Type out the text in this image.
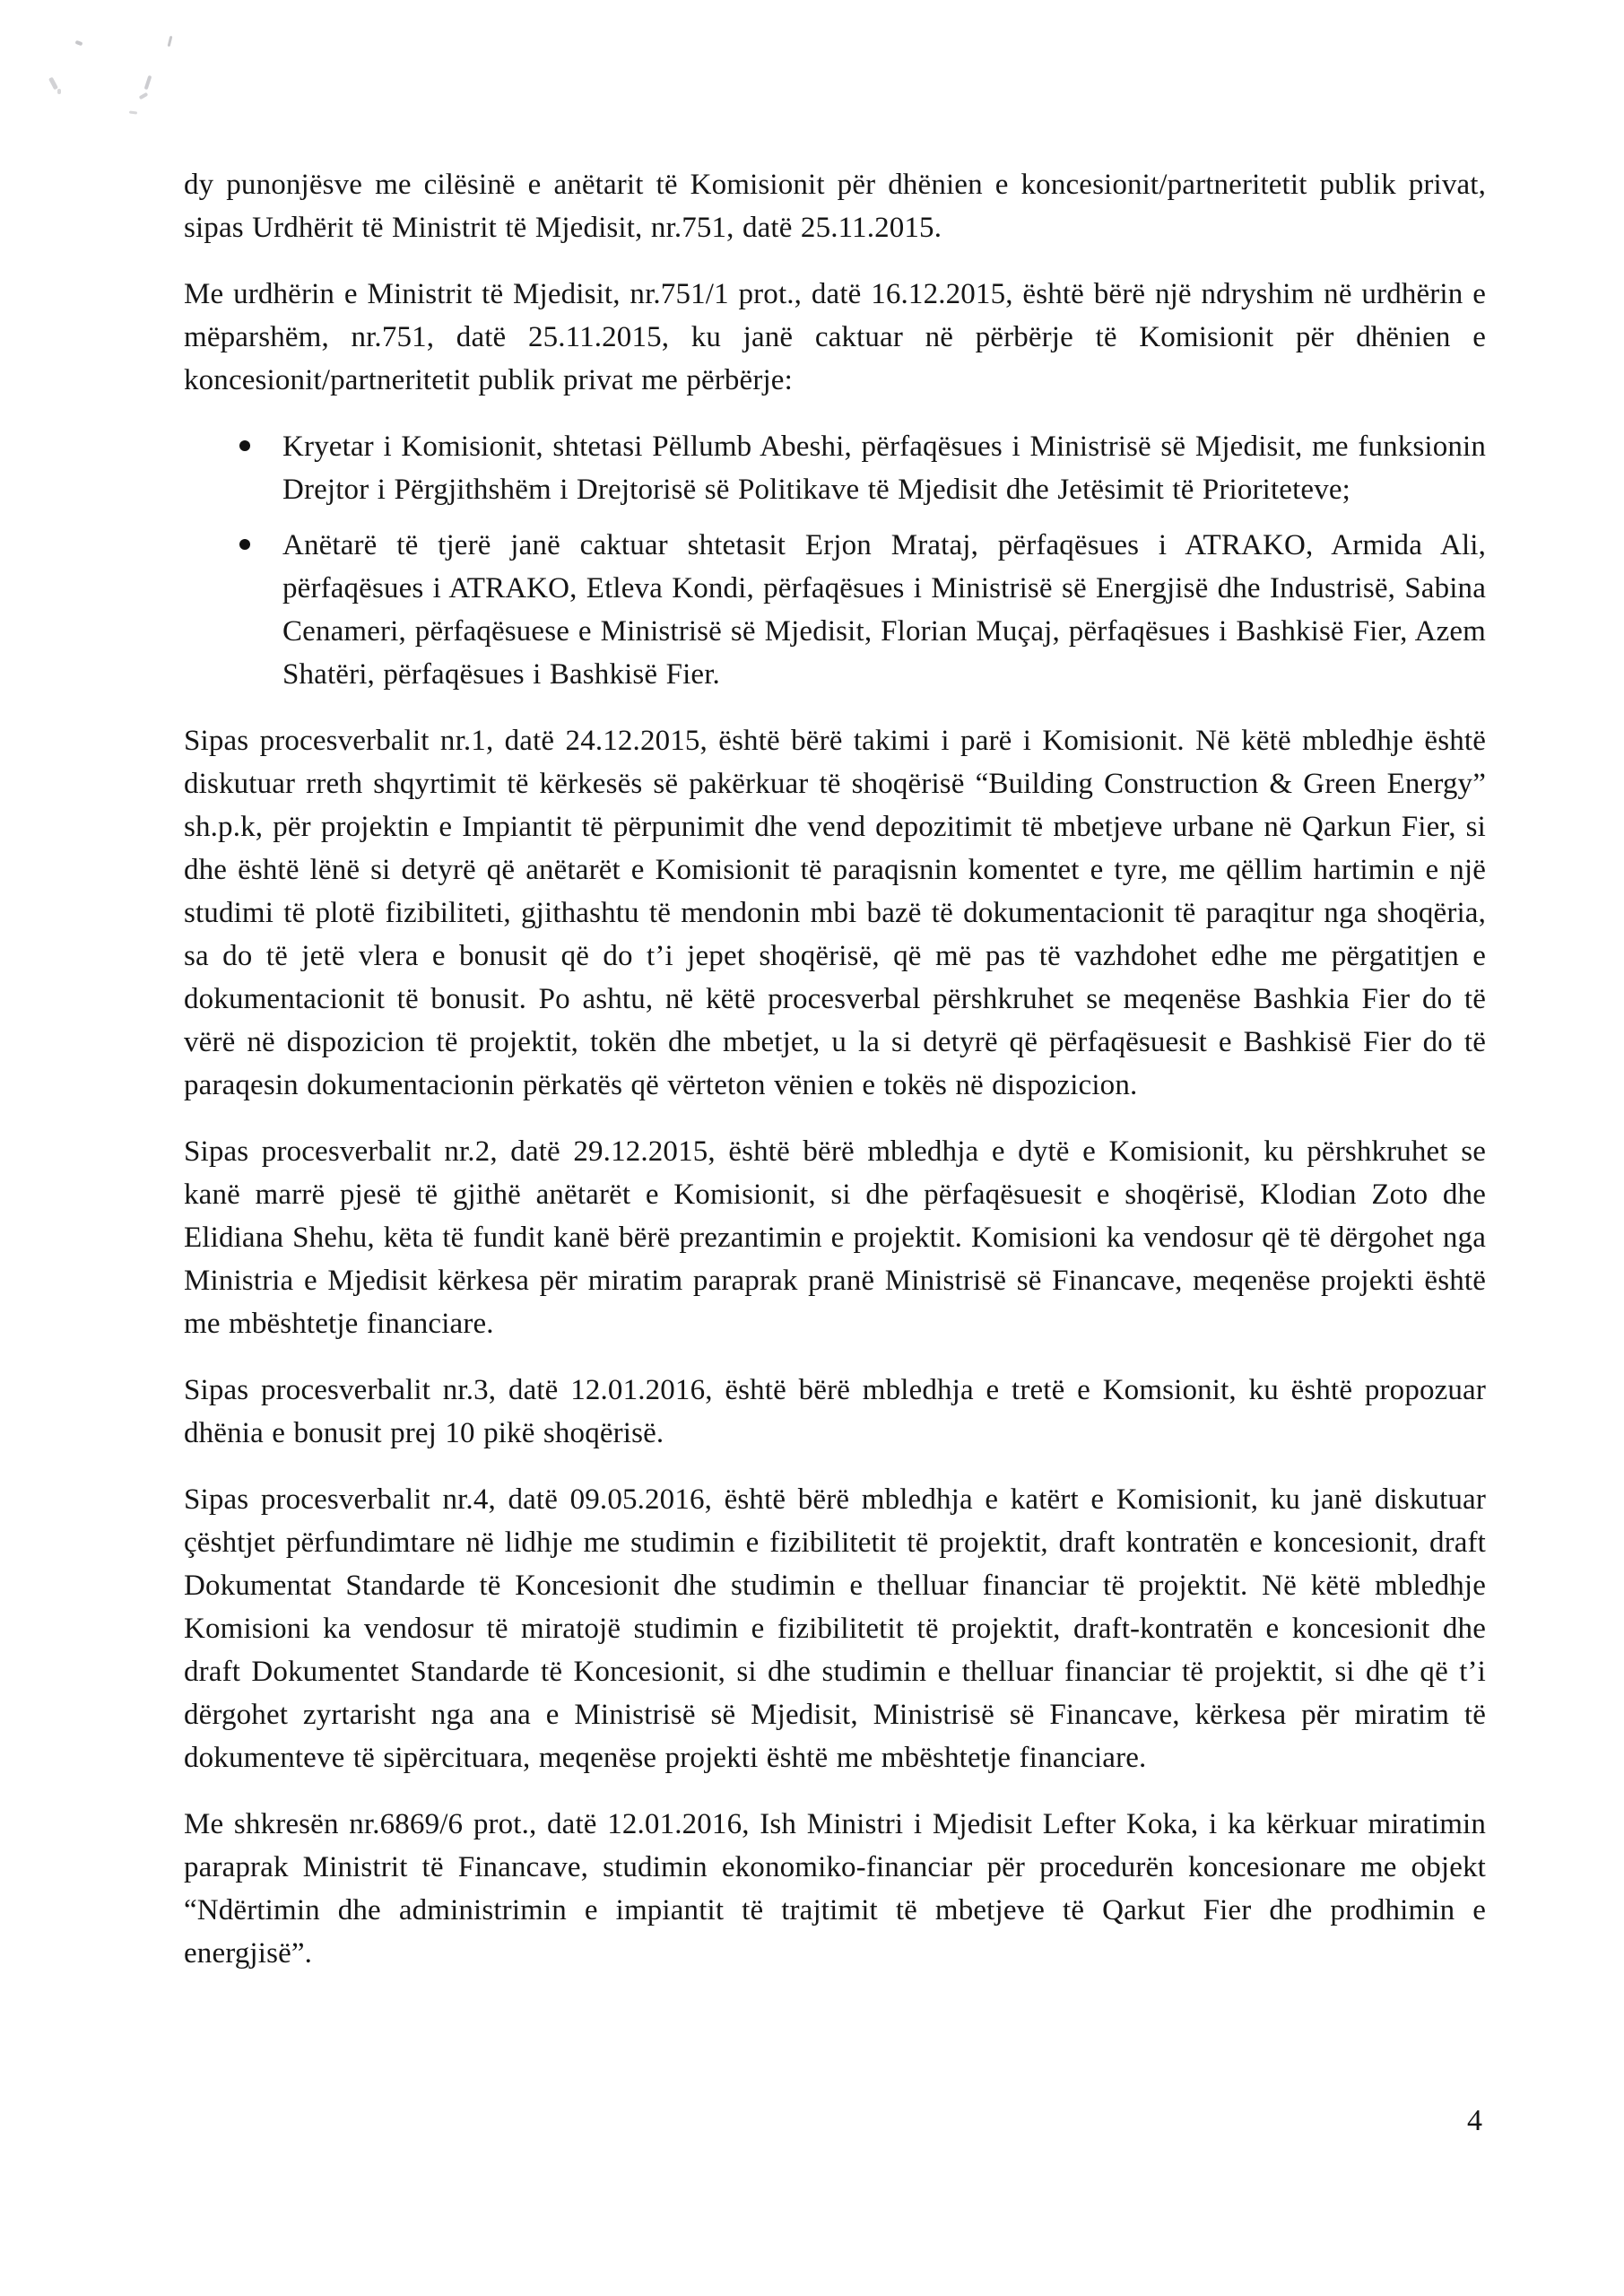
dy punonjësve me cilësinë e anëtarit të Komisionit për dhënien e koncesionit/partneritetit publik privat, sipas Urdhërit të Ministrit të Mjedisit, nr.751, datë 25.11.2015.

Me urdhërin e Ministrit të Mjedisit, nr.751/1 prot., datë 16.12.2015, është bërë një ndryshim në urdhërin e mëparshëm, nr.751, datë 25.11.2015, ku janë caktuar në përbërje të Komisionit për dhënien e koncesionit/partneritetit publik privat me përbërje:

Kryetar i Komisionit, shtetasi Pëllumb Abeshi, përfaqësues i Ministrisë së Mjedisit, me funksionin Drejtor i Përgjithshëm i Drejtorisë së Politikave të Mjedisit dhe Jetësimit të Prioriteteve;
Anëtarë të tjerë janë caktuar shtetasit Erjon Mrataj, përfaqësues i ATRAKO, Armida Ali, përfaqësues i ATRAKO, Etleva Kondi, përfaqësues i Ministrisë së Energjisë dhe Industrisë, Sabina Cenameri, përfaqësuese e Ministrisë së Mjedisit, Florian Muçaj, përfaqësues i Bashkisë Fier, Azem Shatëri, përfaqësues i Bashkisë Fier.

Sipas procesverbalit nr.1, datë 24.12.2015, është bërë takimi i parë i Komisionit. Në këtë mbledhje është diskutuar rreth shqyrtimit të kërkesës së pakërkuar të shoqërisë “Building Construction & Green Energy” sh.p.k, për projektin e Impiantit të përpunimit dhe vend depozitimit të mbetjeve urbane në Qarkun Fier, si dhe është lënë si detyrë që anëtarët e Komisionit të paraqisnin komentet e tyre, me qëllim hartimin e një studimi të plotë fizibiliteti, gjithashtu të mendonin mbi bazë të dokumentacionit të paraqitur nga shoqëria, sa do të jetë vlera e bonusit që do t’i jepet shoqërisë, që më pas të vazhdohet edhe me përgatitjen e dokumentacionit të bonusit. Po ashtu, në këtë procesverbal përshkruhet se meqenëse Bashkia Fier do të vërë në dispozicion të projektit, tokën dhe mbetjet, u la si detyrë që përfaqësuesit e Bashkisë Fier do të paraqesin dokumentacionin përkatës që vërteton vënien e tokës në dispozicion.

Sipas procesverbalit nr.2, datë 29.12.2015, është bërë mbledhja e dytë e Komisionit, ku përshkruhet se kanë marrë pjesë të gjithë anëtarët e Komisionit, si dhe përfaqësuesit e shoqërisë, Klodian Zoto dhe Elidiana Shehu, këta të fundit kanë bërë prezantimin e projektit. Komisioni ka vendosur që të dërgohet nga Ministria e Mjedisit kërkesa për miratim paraprak pranë Ministrisë së Financave, meqenëse projekti është me mbështetje financiare.

Sipas procesverbalit nr.3, datë 12.01.2016, është bërë mbledhja e tretë e Komsionit, ku është propozuar dhënia e bonusit prej 10 pikë shoqërisë.

Sipas procesverbalit nr.4, datë 09.05.2016, është bërë mbledhja e katërt e Komisionit, ku janë diskutuar çështjet përfundimtare në lidhje me studimin e fizibilitetit të projektit, draft kontratën e koncesionit, draft Dokumentat Standarde të Koncesionit dhe studimin e thelluar financiar të projektit. Në këtë mbledhje Komisioni ka vendosur të miratojë studimin e fizibilitetit të projektit, draft-kontratën e koncesionit dhe draft Dokumentet Standarde të Koncesionit, si dhe studimin e thelluar financiar të projektit, si dhe që t’i dërgohet zyrtarisht nga ana e Ministrisë së Mjedisit, Ministrisë së Financave, kërkesa për miratim të dokumenteve të sipërcituara, meqenëse projekti është me mbështetje financiare.

Me shkresën nr.6869/6 prot., datë 12.01.2016, Ish Ministri i Mjedisit Lefter Koka, i ka kërkuar miratimin paraprak Ministrit të Financave, studimin ekonomiko-financiar për procedurën koncesionare me objekt “Ndërtimin dhe administrimin e impiantit të trajtimit të mbetjeve të Qarkut Fier dhe prodhimin e energjisë”.

4
